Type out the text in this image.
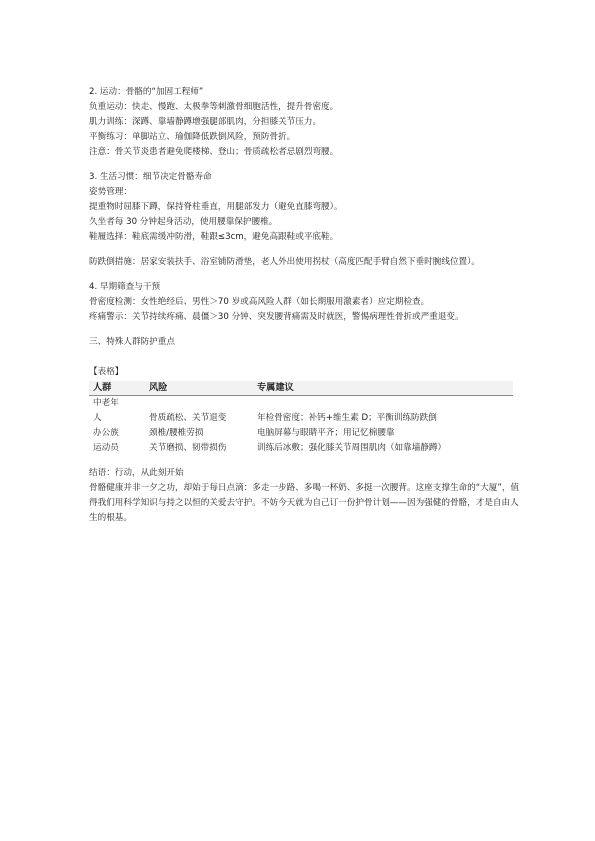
2. 运动：骨骼的“加固工程师”

负重运动：快走、慢跑、太极拳等刺激骨细胞活性，提升骨密度。

肌力训练：深蹲、靠墙静蹲增强腿部肌肉，分担膝关节压力。

平衡练习：单脚站立、瑜伽降低跌倒风险，预防骨折。

注意：骨关节炎患者避免爬楼梯、登山；骨质疏松者忌剧烈弯腰。

3. 生活习惯：细节决定骨骼寿命

姿势管理：

提重物时屈膝下蹲，保持脊柱垂直，用腿部发力（避免直膝弯腰）。

久坐者每 30 分钟起身活动，使用腰靠保护腰椎。

鞋履选择：鞋底需缓冲防滑，鞋跟≤3cm，避免高跟鞋或平底鞋。

防跌倒措施：居家安装扶手、浴室铺防滑垫，老人外出使用拐杖（高度匹配手臂自然下垂时腕线位置）。

4. 早期筛查与干预

骨密度检测：女性绝经后、男性＞70 岁或高风险人群（如长期服用激素者）应定期检查。

疼痛警示：关节持续疼痛、晨僵＞30 分钟、突发腰背痛需及时就医，警惕病理性骨折或严重退变。

三、特殊人群防护重点

【表格】

人群	风险	专属建议
中老年		
人	骨质疏松、关节退变	年检骨密度；补钙+维生素 D；平衡训练防跌倒
办公族	颈椎/腰椎劳损	电脑屏幕与眼睛平齐；用记忆棉腰靠
运动员	关节磨损、韧带损伤	训练后冰敷；强化膝关节周围肌肉（如靠墙静蹲）

结语：行动，从此刻开始

骨骼健康并非一夕之功，却始于每日点滴：多走一步路、多喝一杯奶、多挺一次腰背。这座支撑生命的“大厦”，值得我们用科学知识与持之以恒的关爱去守护。不妨今天就为自己订一份护骨计划——因为强健的骨骼，才是自由人生的根基。
